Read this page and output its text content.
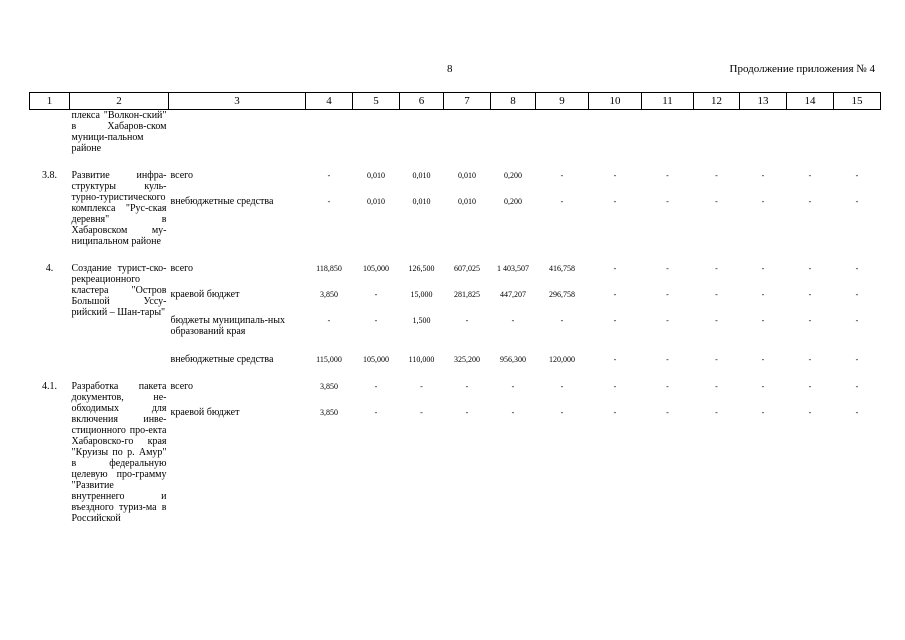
8	Продолжение приложения № 4
1	2	3	4	5	6	7	8	9	10	11	12	13	14	15
	плекса "Волкон-ский" в Хабаров-ском муници-пальном районе													

3.8.	Развитие инфра-структуры куль-турно-туристического комплекса "Рус-ская деревня" в Хабаровском му-ниципальном районе	всего	-	0,010	0,010	0,010	0,200	-	-	-	-	-	-	-
		внебюджетные средства	-	0,010	0,010	0,010	0,200	-	-	-	-	-	-	-

4.	Создание турист-ско-рекреационного кластера "Остров Большой Уссу-рийский – Шан-тары"	всего	118,850	105,000	126,500	607,025	1 403,507	416,758	-	-	-	-	-	-
		краевой бюджет	3,850	-	15,000	281,825	447,207	296,758	-	-	-	-	-	-
		бюджеты муниципаль-ных образований края	-	-	1,500	-	-	-	-	-	-	-	-	-
		внебюджетные средства	115,000	105,000	110,000	325,200	956,300	120,000	-	-	-	-	-	-

4.1.	Разработка пакета документов, не-обходимых для включения инве-стиционного про-екта Хабаровско-го края "Круизы по р. Амур" в федеральную целевую про-грамму "Развитие внутреннего и въездного туриз-ма в Российской	всего	3,850	-	-	-	-	-	-	-	-	-	-	-
		краевой бюджет	3,850	-	-	-	-	-	-	-	-	-	-	-
